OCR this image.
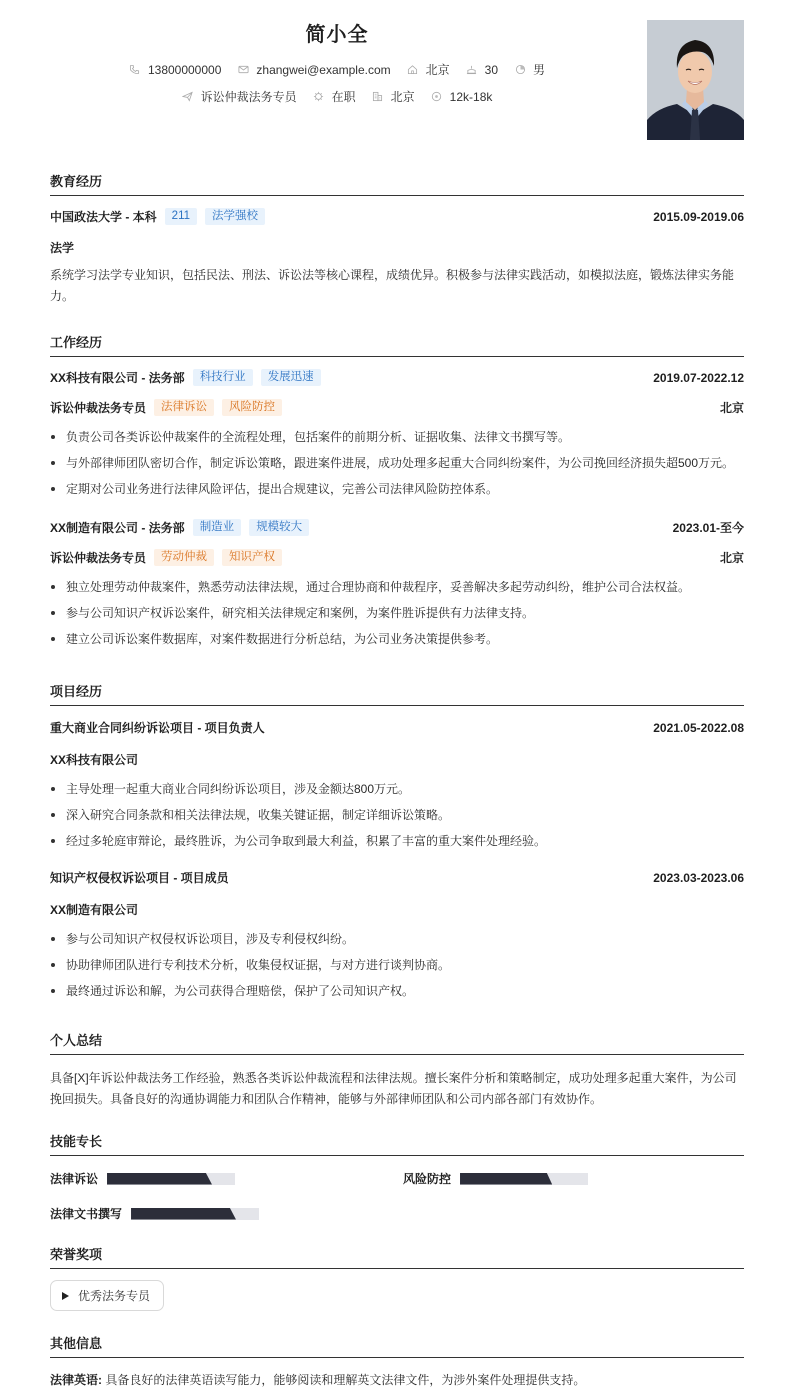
简小全
13800000000	zhangwei@example.com	北京	30	男
诉讼仲裁法务专员	在职	北京	12k-18k
教育经历
中国政法大学 - 本科	211	法学强校	2015.09-2019.06
法学
系统学习法学专业知识，包括民法、刑法、诉讼法等核心课程，成绩优异。积极参与法律实践活动，如模拟法庭，锻炼法律实务能力。
工作经历
XX科技有限公司 - 法务部	科技行业	发展迅速	2019.07-2022.12
诉讼仲裁法务专员	法律诉讼	风险防控	北京
负责公司各类诉讼仲裁案件的全流程处理，包括案件的前期分析、证据收集、法律文书撰写等。
与外部律师团队密切合作，制定诉讼策略，跟进案件进展，成功处理多起重大合同纠纷案件，为公司挽回经济损失超500万元。
定期对公司业务进行法律风险评估，提出合规建议，完善公司法律风险防控体系。
XX制造有限公司 - 法务部	制造业	规模较大	2023.01-至今
诉讼仲裁法务专员	劳动仲裁	知识产权	北京
独立处理劳动仲裁案件，熟悉劳动法律法规，通过合理协商和仲裁程序，妥善解决多起劳动纠纷，维护公司合法权益。
参与公司知识产权诉讼案件，研究相关法律规定和案例，为案件胜诉提供有力法律支持。
建立公司诉讼案件数据库，对案件数据进行分析总结，为公司业务决策提供参考。
项目经历
重大商业合同纠纷诉讼项目 - 项目负责人	2021.05-2022.08
XX科技有限公司
主导处理一起重大商业合同纠纷诉讼项目，涉及金额达800万元。
深入研究合同条款和相关法律法规，收集关键证据，制定详细诉讼策略。
经过多轮庭审辩论，最终胜诉，为公司争取到最大利益，积累了丰富的重大案件处理经验。
知识产权侵权诉讼项目 - 项目成员	2023.03-2023.06
XX制造有限公司
参与公司知识产权侵权诉讼项目，涉及专利侵权纠纷。
协助律师团队进行专利技术分析，收集侵权证据，与对方进行谈判协商。
最终通过诉讼和解，为公司获得合理赔偿，保护了公司知识产权。
个人总结
具备[X]年诉讼仲裁法务工作经验，熟悉各类诉讼仲裁流程和法律法规。擅长案件分析和策略制定，成功处理多起重大案件，为公司挽回损失。具备良好的沟通协调能力和团队合作精神，能够与外部律师团队和公司内部各部门有效协作。
技能专长
法律诉讼	风险防控
法律文书撰写
荣誉奖项
优秀法务专员
其他信息
法律英语: 具备良好的法律英语读写能力，能够阅读和理解英文法律文件，为涉外案件处理提供支持。
